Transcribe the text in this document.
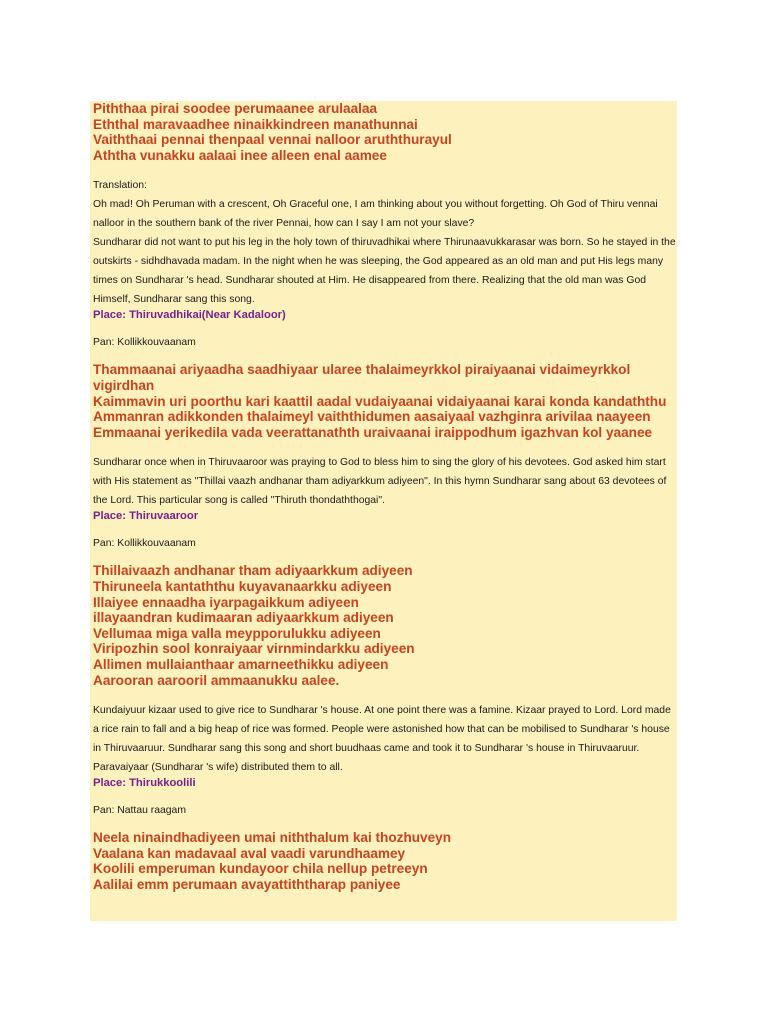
Piththaa pirai soodee perumaanee arulaalaa
Eththal maravaadhee ninaikkindreen manathunnai
Vaiththaai pennai thenpaal vennai nalloor aruththurayul
Aththa vunakku aalaai inee alleen enal aamee
Translation:
Oh mad! Oh Peruman with a crescent, Oh Graceful one, I am thinking about you without forgetting. Oh God of Thiru vennai nalloor in the southern bank of the river Pennai, how can I say I am not your slave?
Sundharar did not want to put his leg in the holy town of thiruvadhikai where Thirunaavukkarasar was born. So he stayed in the outskirts - sidhdhavada madam. In the night when he was sleeping, the God appeared as an old man and put His legs many times on Sundharar 's head. Sundharar shouted at Him. He disappeared from there. Realizing that the old man was God Himself, Sundharar sang this song.
Place: Thiruvadhikai(Near Kadaloor)
Pan: Kollikkouvaanam
Thammaanai ariyaadha saadhiyaar ularee thalaimeyrkkol piraiyaanai vidaimeyrkkol vigirdhan
Kaimmavin uri poorthu kari kaattil aadal vudaiyaanai vidaiyaanai karai konda kandaththu
Ammanran adikkonden thalaimeyl vaiththidumen aasaiyaal vazhginra arivilaa naayeen
Emmaanai yerikedila vada veerattanathth uraivaanai iraippodhum igazhvan kol yaanee
Sundharar once when in Thiruvaaroor was praying to God to bless him to sing the glory of his devotees. God asked him start with His statement as "Thillai vaazh andhanar tham adiyarkkum adiyeen". In this hymn Sundharar sang about 63 devotees of the Lord. This particular song is called "Thiruth thondaththogai".
Place: Thiruvaaroor
Pan: Kollikkouvaanam
Thillaivaazh andhanar tham adiyaarkkum adiyeen
Thiruneela kantaththu kuyavanaarkku adiyeen
Illaiyee ennaadha iyarpagaikkum adiyeen
illayaandran kudimaaran adiyaarkkum adiyeen
Vellumaa miga valla meypporulukku adiyeen
Viripozhin sool konraiyaar virnmindarkku adiyeen
Allimen mullaianthaar amarneethikku adiyeen
Aarooran aarooril ammaanukku aalee.
Kundaiyuur kizaar used to give rice to Sundharar 's house. At one point there was a famine. Kizaar prayed to Lord. Lord made a rice rain to fall and a big heap of rice was formed. People were astonished how that can be mobilised to Sundharar 's house in Thiruvaaruur. Sundharar sang this song and short buudhaas came and took it to Sundharar 's house in Thiruvaaruur. Paravaiyaar (Sundharar 's wife) distributed them to all.
Place: Thirukkoolili
Pan: Nattau raagam
Neela ninaindhadiyeen umai niththalum kai thozhuveyn
Vaalana kan madavaal aval vaadi varundhaamey
Koolili emperuman kundayoor chila nellup petreeyn
Aalilai emm perumaan avayattiththarap paniyee
